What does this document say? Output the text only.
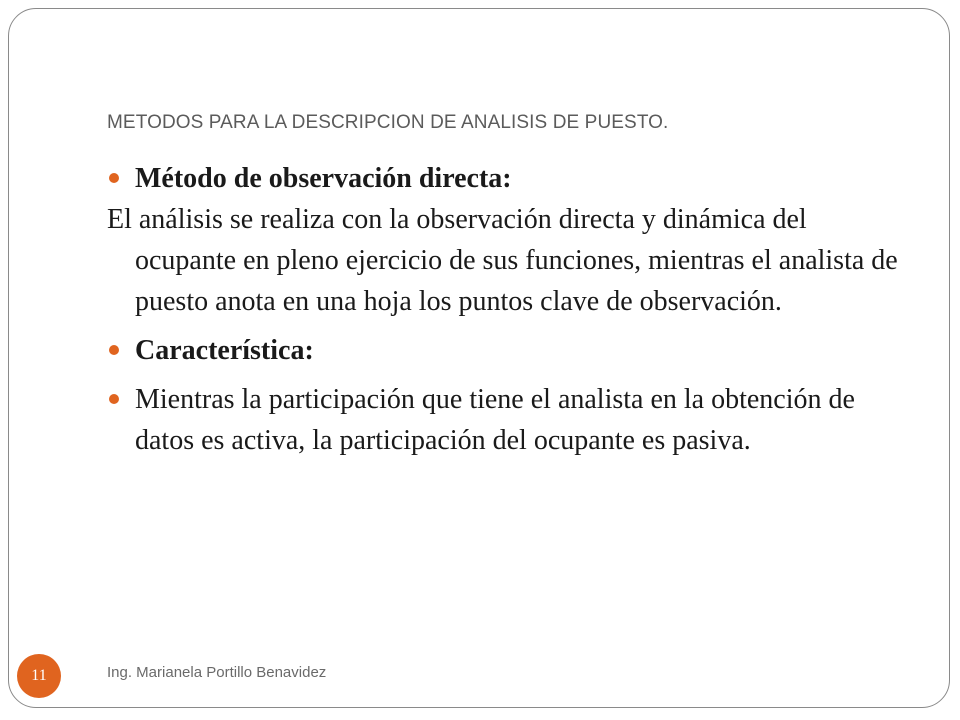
METODOS PARA LA DESCRIPCION DE ANALISIS DE PUESTO.
Método de observación directa:
El análisis se realiza con la observación directa y dinámica del ocupante en pleno ejercicio de sus funciones, mientras el analista de puesto anota en una hoja los puntos clave de observación.
Característica:
Mientras la participación que tiene el analista en la obtención de datos es activa, la participación del ocupante es pasiva.
11	Ing. Marianela Portillo Benavidez
